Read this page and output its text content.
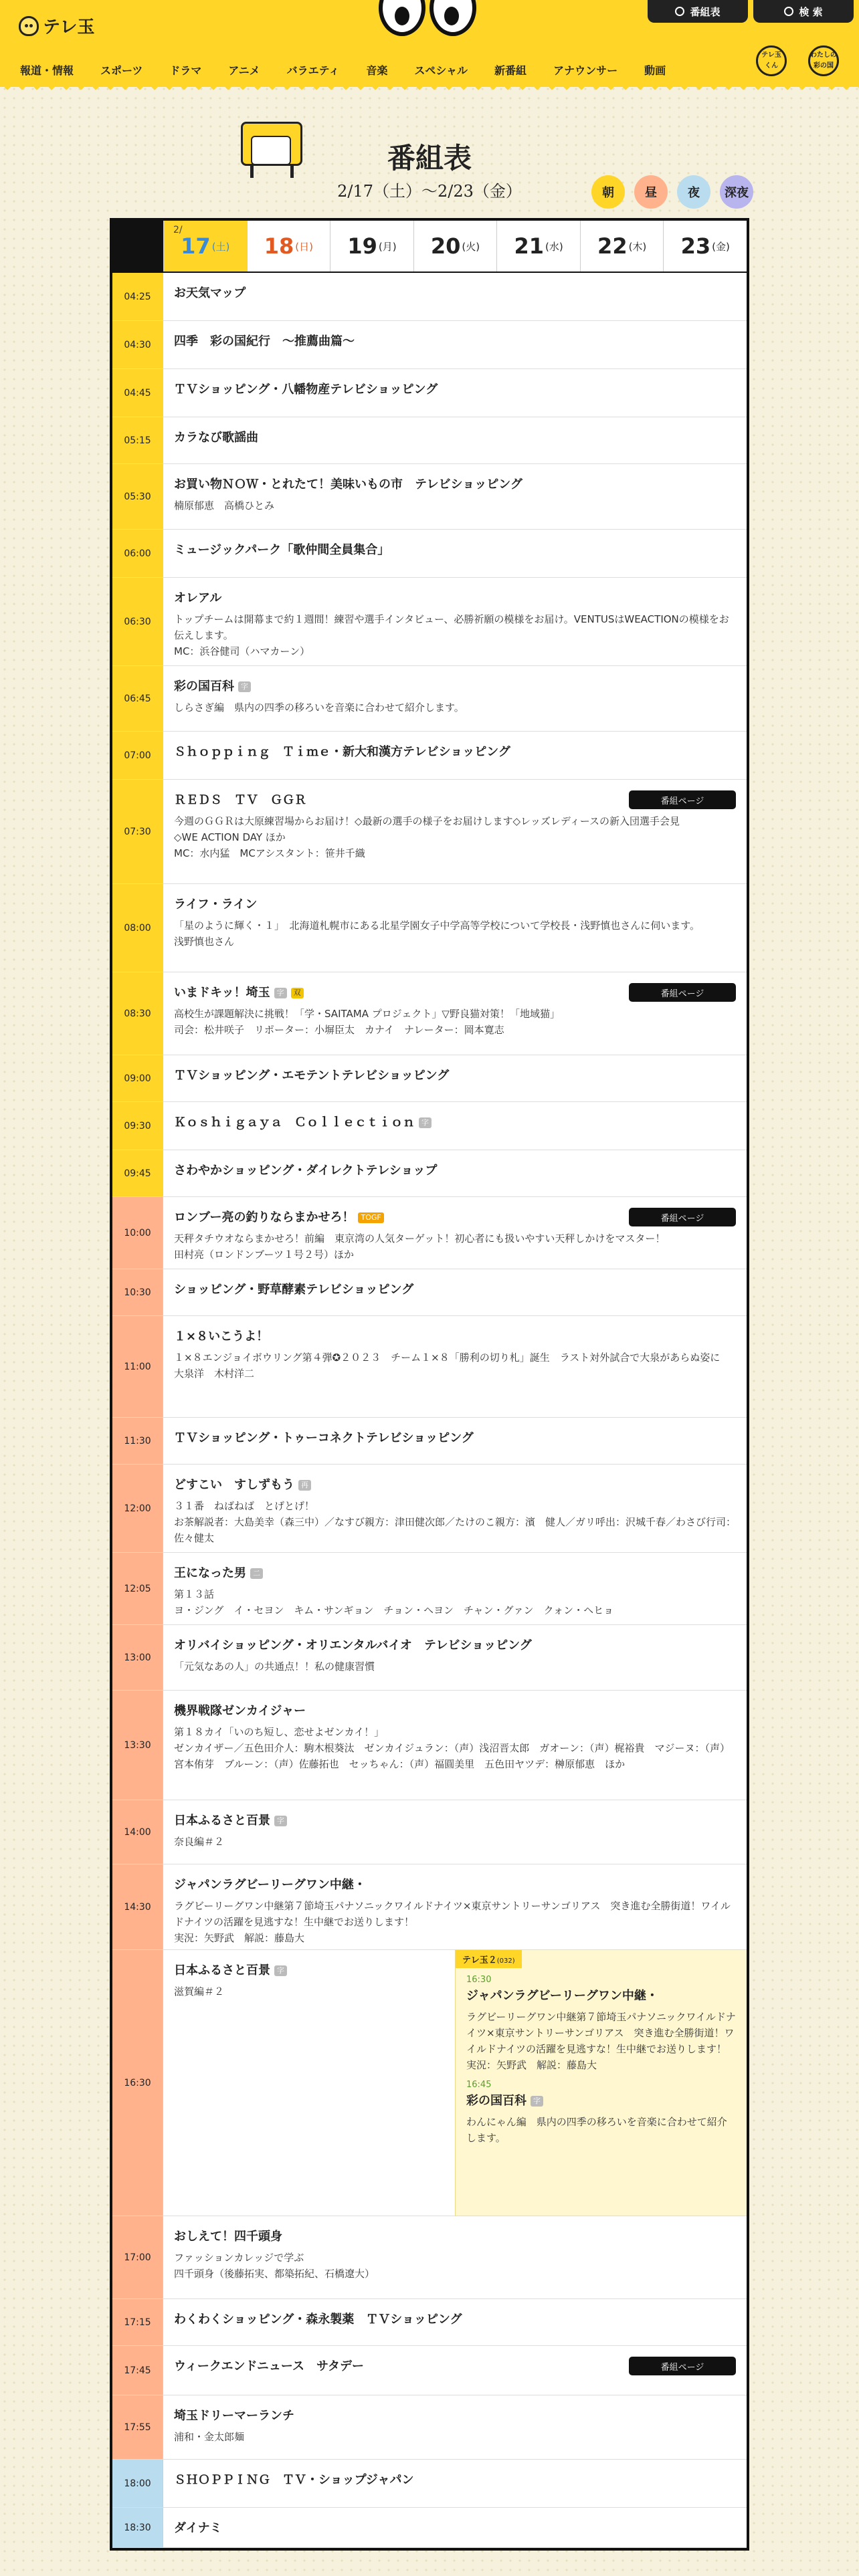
テレ玉
番組表	検 索
報道・情報	スポーツ	ドラマ	アニメ	バラエティ	音楽	スペシャル	新番組	アナウンサー	動画
テレ玉 くん
わたしの 彩の国
番組表
2/17（土）〜2/23（金）	朝	昼	夜	深夜
2/
17 (土) 18 (日) 19 (月) 20 (火) 21 (水) 22 (木) 23 (金)
04:25	お天気マップ
04:30	四季　彩の国紀行　〜推薦曲篇〜
04:45	ＴＶショッピング・八幡物産テレビショッピング
05:15	カラなび歌謡曲
05:30
お買い物ＮＯＷ・とれたて！美味いもの市　テレビショッピング
楠原郁恵　高橋ひとみ
06:00	ミュージックパーク「歌仲間全員集合」
06:30
オレアル
トップチームは開幕まで約１週間！練習や選手インタビュー、必勝祈願の模様をお届け。VENTUSはWEACTIONの模様をお伝えします。
MC：浜谷健司（ハマカーン）
06:45
彩の国百科 字
しらさぎ編　県内の四季の移ろいを音楽に合わせて紹介します。
07:00	Ｓｈｏｐｐｉｎｇ　Ｔｉｍｅ・新大和漢方テレビショッピング
07:30
ＲＥＤＳ　ＴＶ　ＧＧＲ	番組ページ
今週のＧＧＲは大原練習場からお届け！◇最新の選手の様子をお届けします◇レッズレディースの新入団選手会見
◇WE ACTION DAY ほか
MC：水内猛　MCアシスタント：笹井千織
08:00
ライフ・ライン
「星のように輝く・１」　北海道札幌市にある北星学園女子中学高等学校について学校長・浅野慎也さんに伺います。
浅野慎也さん
08:30
いまドキッ！埼玉 字	双	番組ページ
高校生が課題解決に挑戦！「学・SAITAMA プロジェクト」▽野良猫対策！「地域猫」
司会：松井咲子　リポーター：小塀臣太　カナイ　ナレーター：岡本寛志
09:00	ＴＶショッピング・エモテントテレビショッピング
09:30	Ｋｏｓｈｉｇａｙａ　Ｃｏｌｌｅｃｔｉｏｎ 字
09:45	さわやかショッピング・ダイレクトテレショップ
10:00
ロンブー亮の釣りならまかせろ！ TOGF	番組ページ
天秤タチウオならまかせろ！前編　東京湾の人気ターゲット！初心者にも扱いやすい天秤しかけをマスター！
田村亮（ロンドンブーツ１号２号）ほか
10:30	ショッピング・野草酵素テレビショッピング
11:00
１×８いこうよ！
１×８エンジョイボウリング第４弾✪２０２３　チーム１×８「勝利の切り札」誕生　ラスト対外試合で大泉があらぬ姿に
大泉洋　木村洋二
11:30	ＴＶショッピング・トゥーコネクトテレビショッピング
12:00
どすこい　すしずもう 再
３１番　ねばねば　とげとげ！
お茶解説者：大島美幸（森三中）／なすび親方：津田健次郎／たけのこ親方：濱　健人／ガリ呼出：沢城千春／わさび行司：佐々健太
12:05
王になった男 二
第１３話
ヨ・ジング　イ・セヨン　キム・サンギョン　チョン・ヘヨン　チャン・グァン　クォン・ヘヒョ
13:00
オリバイショッピング・オリエンタルバイオ　テレビショッピング
「元気なあの人」の共通点！！私の健康習慣
13:30
機界戦隊ゼンカイジャー
第１８カイ「いのち短し、恋せよゼンカイ！」
ゼンカイザー／五色田介人：駒木根葵汰　ゼンカイジュラン：（声）浅沼晋太郎　ガオーン：（声）梶裕貴　マジーヌ：（声）宮本侑芽　ブルーン：（声）佐藤拓也　セッちゃん：（声）福圓美里　五色田ヤツデ：榊原郁恵　ほか
14:00
日本ふるさと百景 字
奈良編＃２
14:30
ジャパンラグビーリーグワン中継・
ラグビーリーグワン中継第７節埼玉パナソニックワイルドナイツ×東京サントリーサンゴリアス　突き進む全勝街道！ワイルドナイツの活躍を見逃すな！生中継でお送りします！
実況：矢野武　解説：藤島大
16:30
日本ふるさと百景 字
滋賀編＃２
テレ玉２(032)
16:30
ジャパンラグビーリーグワン中継・
ラグビーリーグワン中継第７節埼玉パナソニックワイルドナイツ×東京サントリーサンゴリアス　突き進む全勝街道！ワイルドナイツの活躍を見逃すな！生中継でお送りします！
実況：矢野武　解説：藤島大
16:45
彩の国百科 字
わんにゃん編　県内の四季の移ろいを音楽に合わせて紹介します。
17:00
おしえて！四千頭身
ファッションカレッジで学ぶ
四千頭身（後藤拓実、都築拓紀、石橋遼大）
17:15	わくわくショッピング・森永製薬　ＴＶショッピング
17:45	ウィークエンドニュース　サタデー	番組ページ
17:55
埼玉ドリーマーランチ
浦和・金太郎麺
18:00	ＳＨＯＰＰＩＮＧ　ＴＶ・ショップジャパン
18:30	ダイナミ
